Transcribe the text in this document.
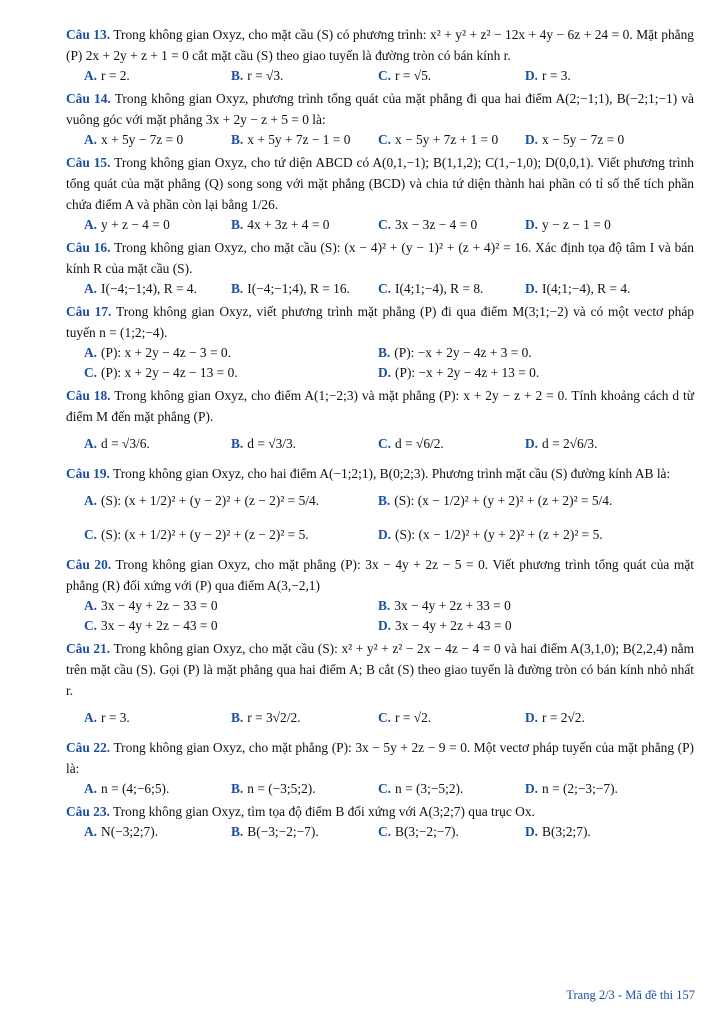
Câu 13. Trong không gian Oxyz, cho mặt cầu (S) có phương trình: x² + y² + z² − 12x + 4y − 6z + 24 = 0. Mặt phẳng (P) 2x + 2y + z + 1 = 0 cắt mặt cầu (S) theo giao tuyến là đường tròn có bán kính r.

A. r = 2.	B. r = √3.	C. r = √5.	D. r = 3.

Câu 14. Trong không gian Oxyz, phương trình tổng quát của mặt phẳng đi qua hai điểm A(2;−1;1), B(−2;1;−1) và vuông góc với mặt phẳng 3x + 2y − z + 5 = 0 là:

A. x + 5y − 7z = 0	B. x + 5y + 7z − 1 = 0	C. x − 5y + 7z + 1 = 0	D. x − 5y − 7z = 0

Câu 15. Trong không gian Oxyz, cho tứ diện ABCD có A(0,1,−1); B(1,1,2); C(1,−1,0); D(0,0,1). Viết phương trình tổng quát của mặt phẳng (Q) song song với mặt phẳng (BCD) và chia tứ diện thành hai phần có tỉ số thể tích phần chứa điểm A và phần còn lại bằng 1/26.

A. y + z − 4 = 0	B. 4x + 3z + 4 = 0	C. 3x − 3z − 4 = 0	D. y − z − 1 = 0

Câu 16. Trong không gian Oxyz, cho mặt cầu (S): (x − 4)² + (y − 1)² + (z + 4)² = 16. Xác định tọa độ tâm I và bán kính R của mặt cầu (S).

A. I(−4;−1;4), R = 4.	B. I(−4;−1;4), R = 16.	C. I(4;1;−4), R = 8.	D. I(4;1;−4), R = 4.

Câu 17. Trong không gian Oxyz, viết phương trình mặt phẳng (P) đi qua điểm M(3;1;−2) và có một vectơ pháp tuyến n = (1;2;−4).

A. (P): x + 2y − 4z − 3 = 0.	B. (P): −x + 2y − 4z + 3 = 0.
C. (P): x + 2y − 4z − 13 = 0.	D. (P): −x + 2y − 4z + 13 = 0.

Câu 18. Trong không gian Oxyz, cho điểm A(1;−2;3) và mặt phẳng (P): x + 2y − z + 2 = 0. Tính khoảng cách d từ điểm M đến mặt phẳng (P).

A. d = √3/6.	B. d = √3/3.	C. d = √6/2.	D. d = 2√6/3.

Câu 19. Trong không gian Oxyz, cho hai điểm A(−1;2;1), B(0;2;3). Phương trình mặt cầu (S) đường kính AB là:

A. (S): (x + 1/2)² + (y − 2)² + (z − 2)² = 5/4.	B. (S): (x − 1/2)² + (y + 2)² + (z + 2)² = 5/4.
C. (S): (x + 1/2)² + (y − 2)² + (z − 2)² = 5.	D. (S): (x − 1/2)² + (y + 2)² + (z + 2)² = 5.

Câu 20. Trong không gian Oxyz, cho mặt phẳng (P): 3x − 4y + 2z − 5 = 0. Viết phương trình tổng quát của mặt phẳng (R) đối xứng với (P) qua điểm A(3,−2,1)

A. 3x − 4y + 2z − 33 = 0	B. 3x − 4y + 2z + 33 = 0
C. 3x − 4y + 2z − 43 = 0	D. 3x − 4y + 2z + 43 = 0

Câu 21. Trong không gian Oxyz, cho mặt cầu (S): x² + y² + z² − 2x − 4z − 4 = 0 và hai điểm A(3,1,0); B(2,2,4) nằm trên mặt cầu (S). Gọi (P) là mặt phẳng qua hai điểm A; B cắt (S) theo giao tuyến là đường tròn có bán kính nhỏ nhất r.

A. r = 3.	B. r = 3√2/2.	C. r = √2.	D. r = 2√2.

Câu 22. Trong không gian Oxyz, cho mặt phẳng (P): 3x − 5y + 2z − 9 = 0. Một vectơ pháp tuyến của mặt phẳng (P) là:

A. n = (4;−6;5).	B. n = (−3;5;2).	C. n = (3;−5;2).	D. n = (2;−3;−7).

Câu 23. Trong không gian Oxyz, tìm tọa độ điểm B đối xứng với A(3;2;7) qua trục Ox.

A. N(−3;2;7).	B. B(−3;−2;−7).	C. B(3;−2;−7).	D. B(3;2;7).
Trang 2/3 - Mã đề thi 157
